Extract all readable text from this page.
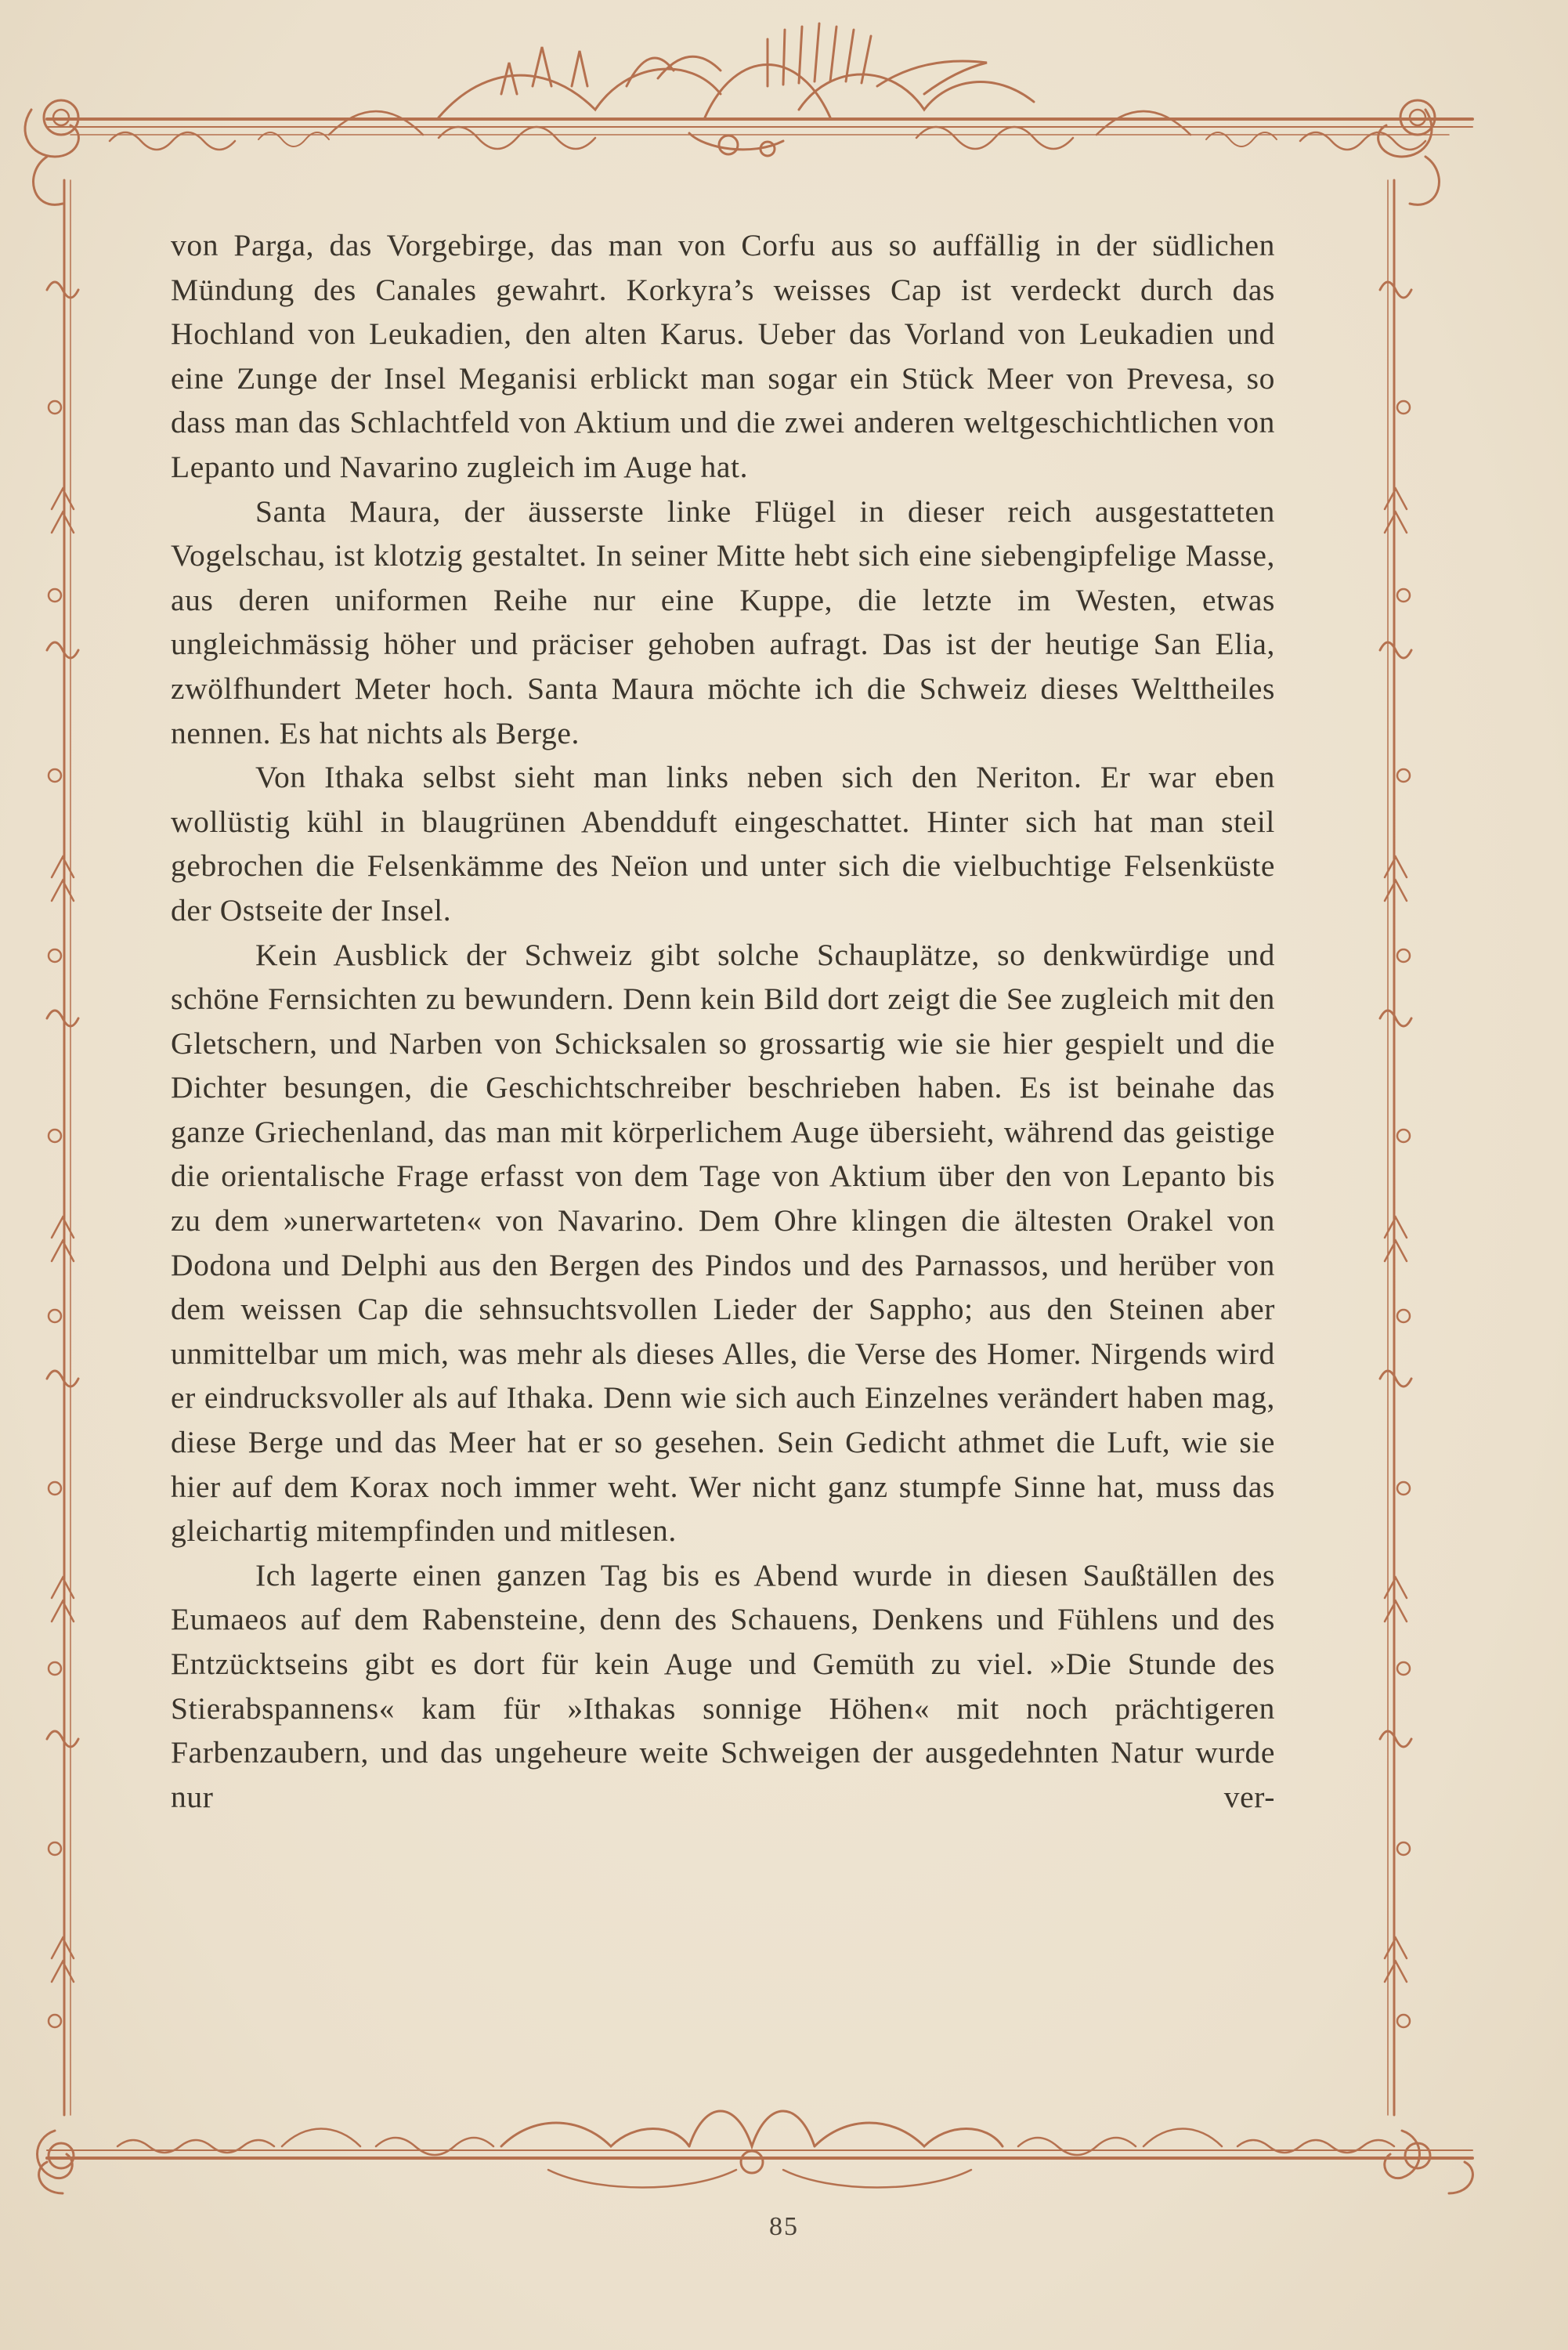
von Parga, das Vorgebirge, das man von Corfu aus so auffällig in der südlichen Mündung des Canales gewahrt. Korkyra’s weisses Cap ist verdeckt durch das Hochland von Leukadien, den alten Karus. Ueber das Vorland von Leukadien und eine Zunge der Insel Meganisi erblickt man sogar ein Stück Meer von Prevesa, so dass man das Schlachtfeld von Aktium und die zwei anderen weltgeschichtlichen von Lepanto und Navarino zugleich im Auge hat.

Santa Maura, der äusserste linke Flügel in dieser reich ausgestatteten Vogelschau, ist klotzig gestaltet. In seiner Mitte hebt sich eine siebengipfelige Masse, aus deren uniformen Reihe nur eine Kuppe, die letzte im Westen, etwas ungleichmässig höher und präciser gehoben aufragt. Das ist der heutige San Elia, zwölfhundert Meter hoch. Santa Maura möchte ich die Schweiz dieses Welttheiles nennen. Es hat nichts als Berge.

Von Ithaka selbst sieht man links neben sich den Neriton. Er war eben wollüstig kühl in blaugrünen Abendduft eingeschattet. Hinter sich hat man steil gebrochen die Felsenkämme des Neïon und unter sich die vielbuchtige Felsenküste der Ostseite der Insel.

Kein Ausblick der Schweiz gibt solche Schauplätze, so denkwürdige und schöne Fernsichten zu bewundern. Denn kein Bild dort zeigt die See zugleich mit den Gletschern, und Narben von Schicksalen so grossartig wie sie hier gespielt und die Dichter besungen, die Geschichtschreiber beschrieben haben. Es ist beinahe das ganze Griechenland, das man mit körperlichem Auge übersieht, während das geistige die orientalische Frage erfasst von dem Tage von Aktium über den von Lepanto bis zu dem »unerwarteten« von Navarino. Dem Ohre klingen die ältesten Orakel von Dodona und Delphi aus den Bergen des Pindos und des Parnassos, und herüber von dem weissen Cap die sehnsuchtsvollen Lieder der Sappho; aus den Steinen aber unmittelbar um mich, was mehr als dieses Alles, die Verse des Homer. Nirgends wird er eindrucksvoller als auf Ithaka. Denn wie sich auch Einzelnes verändert haben mag, diese Berge und das Meer hat er so gesehen. Sein Gedicht athmet die Luft, wie sie hier auf dem Korax noch immer weht. Wer nicht ganz stumpfe Sinne hat, muss das gleichartig mitempfinden und mitlesen.

Ich lagerte einen ganzen Tag bis es Abend wurde in diesen Saußtällen des Eumaeos auf dem Rabensteine, denn des Schauens, Denkens und Fühlens und des Entzücktseins gibt es dort für kein Auge und Gemüth zu viel. »Die Stunde des Stierabspannens« kam für »Ithakas sonnige Höhen« mit noch prächtigeren Farbenzaubern, und das ungeheure weite Schweigen der ausgedehnten Natur wurde nur ver-

85
